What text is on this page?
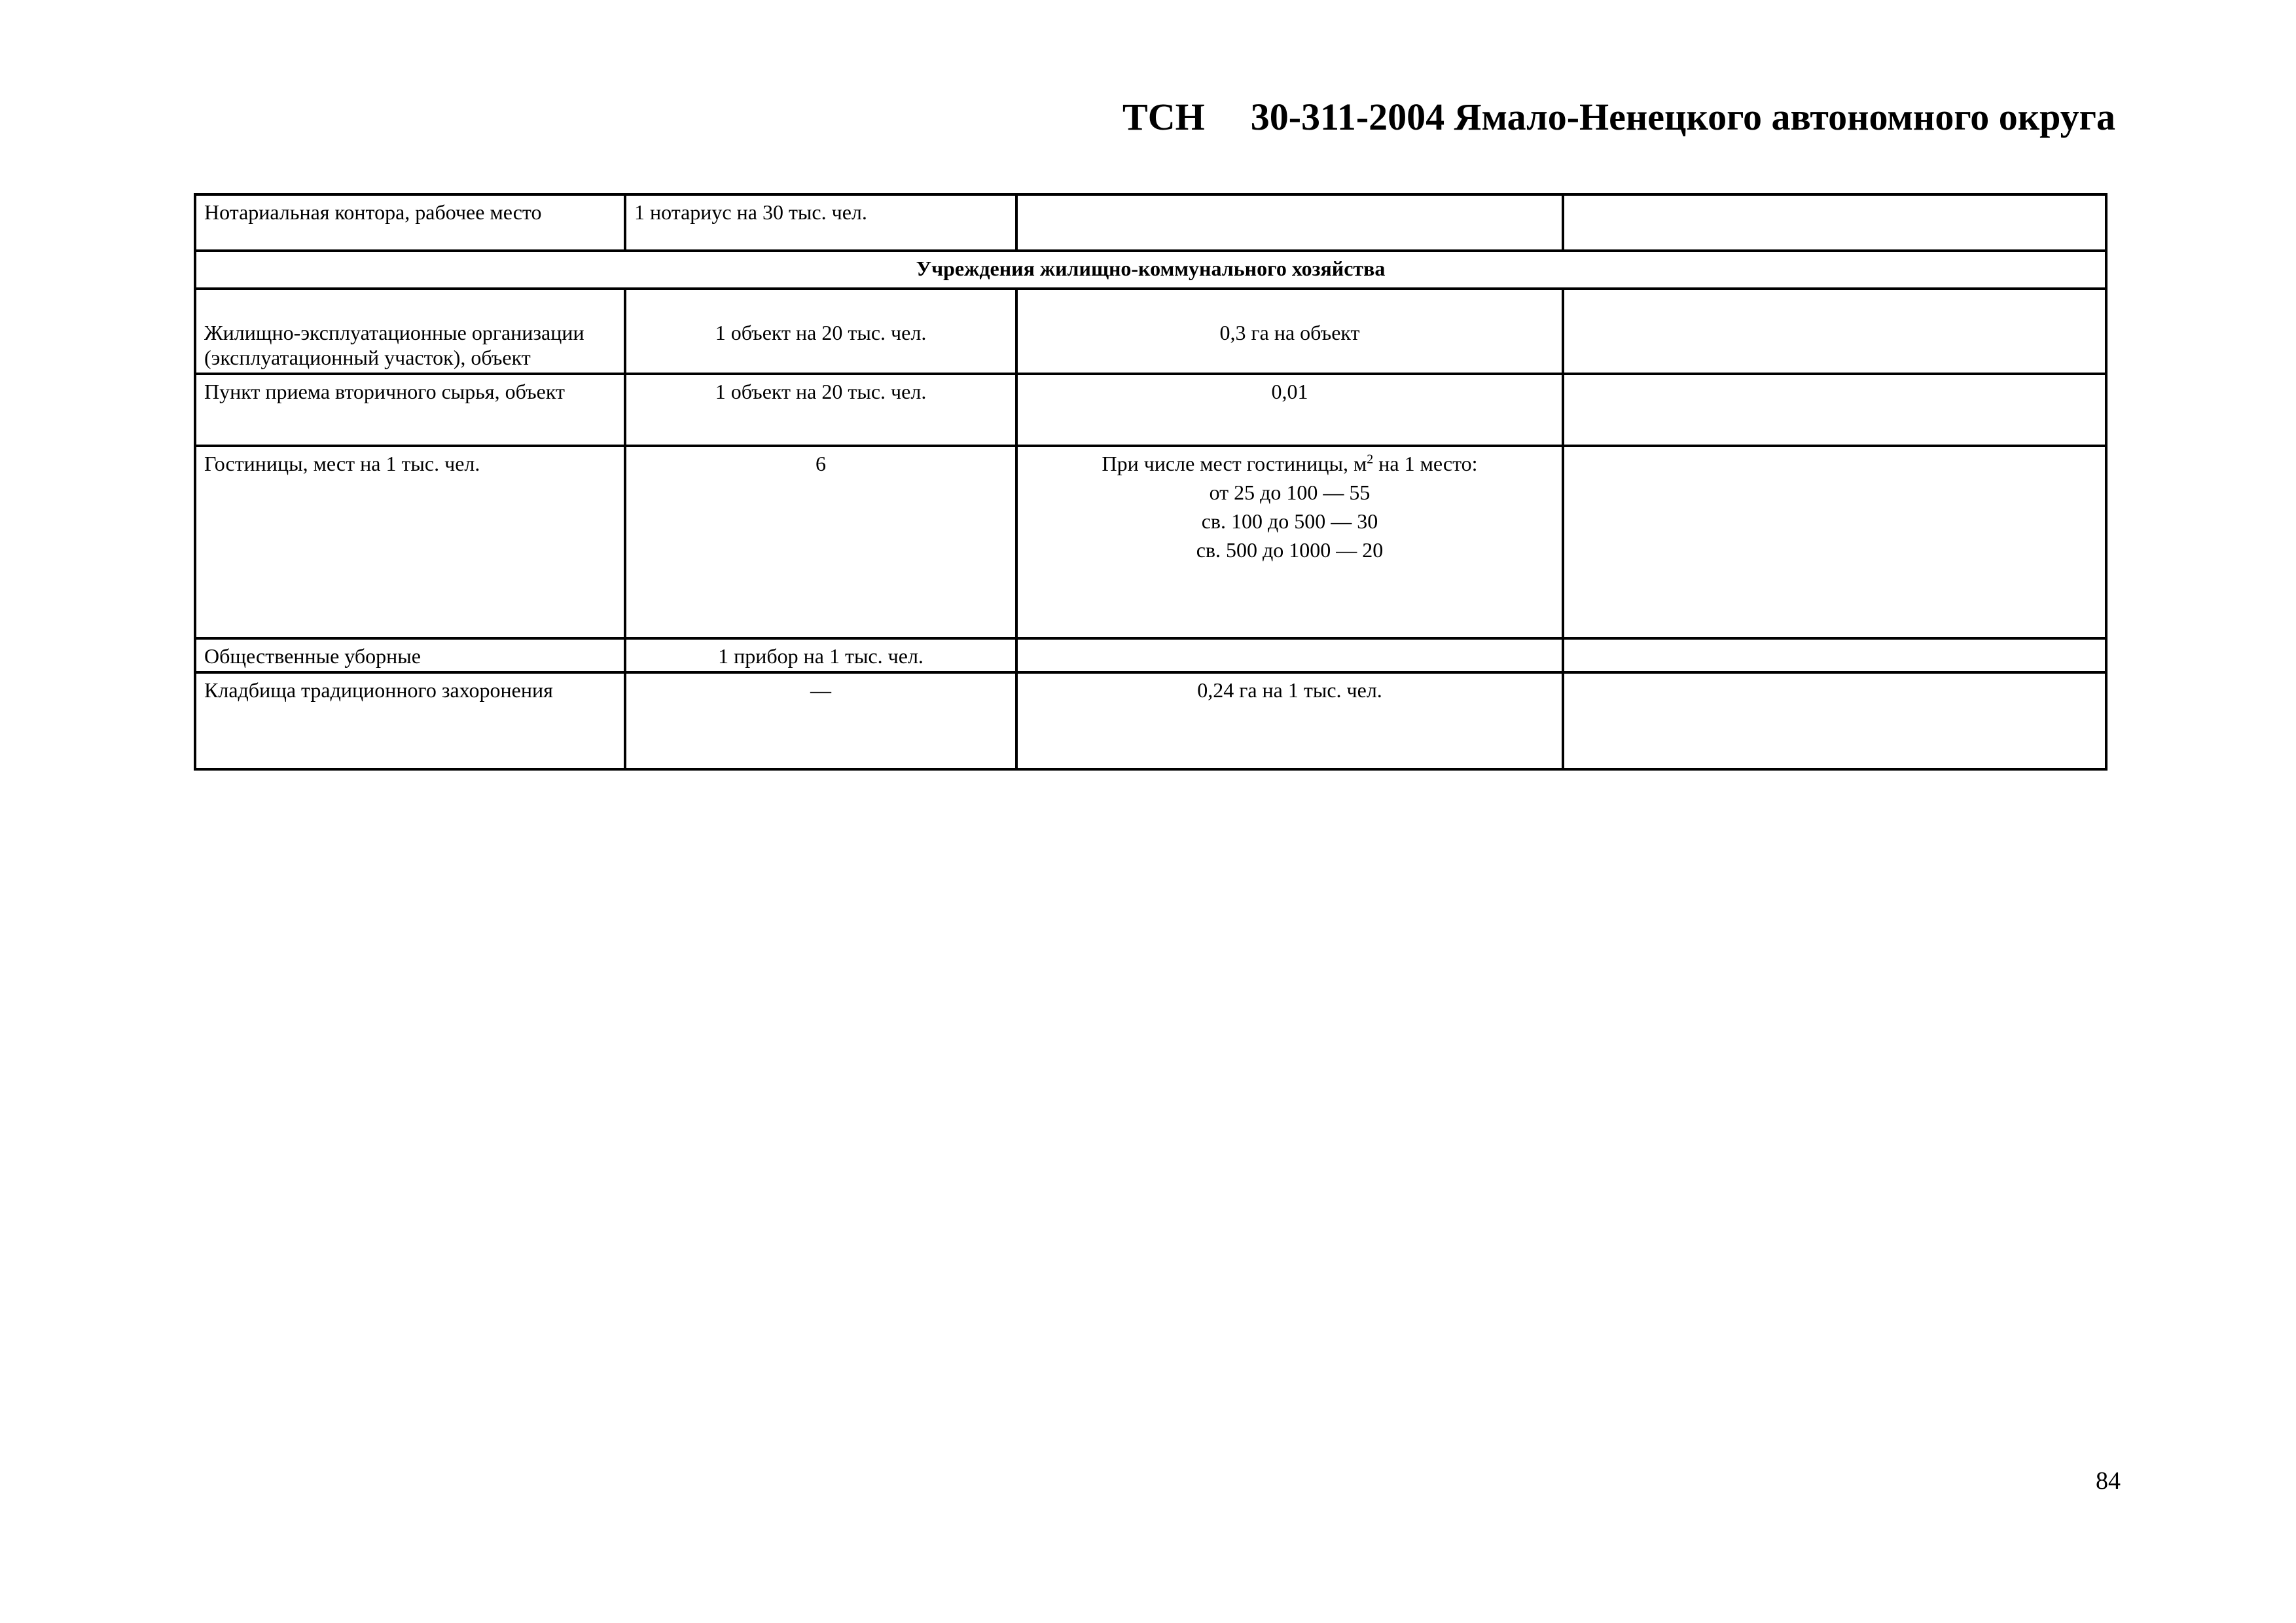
ТСН 30-311-2004 Ямало-Ненецкого автономного округа
Нотариальная контора, рабочее место	1 нотариус на 30 тыс. чел.		
Учреждения жилищно-коммунального хозяйства			
Жилищно-эксплуатационные организации
(эксплуатационный участок), объект	1 объект на 20 тыс. чел.	0,3 га на объект	
Пункт приема вторичного сырья, объект	1 объект на 20 тыс. чел.	0,01	
Гостиницы, мест на 1 тыс. чел.	6	При числе мест гостиницы, $м^2$ на 1 место:
от 25 до 100 — 55
св. 100 до 500 — 30
св. 500 до 1000 — 20	

Общественные уборные	1 прибор на 1 тыс. чел.		
Кладбища традиционного захоронения	—	0,24 га на 1 тыс. чел.	
84
